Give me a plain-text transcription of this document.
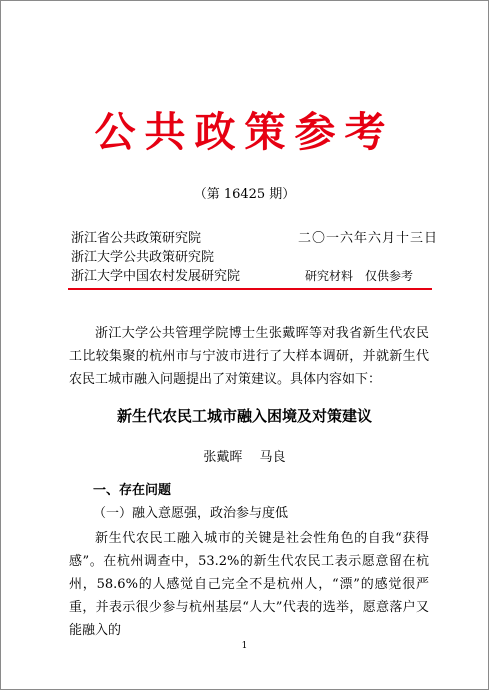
公共政策参考
（第 16425 期）
浙江省公共政策研究院
浙江大学公共政策研究院
浙江大学中国农村发展研究院
二〇一六年六月十三日
研究材料　仅供参考

浙江大学公共管理学院博士生张戴晖等对我省新生代农民工比较集聚的杭州市与宁波市进行了大样本调研，并就新生代农民工城市融入问题提出了对策建议。具体内容如下：

新生代农民工城市融入困境及对策建议
张戴晖　 马良
一、存在问题
（一）融入意愿强，政治参与度低

新生代农民工融入城市的关键是社会性角色的自我“获得感”。在杭州调查中，53.2%的新生代农民工表示愿意留在杭州，58.6%的人感觉自己完全不是杭州人，“漂”的感觉很严重，并表示很少参与杭州基层“人大”代表的选举，愿意落户又能融入的

1
